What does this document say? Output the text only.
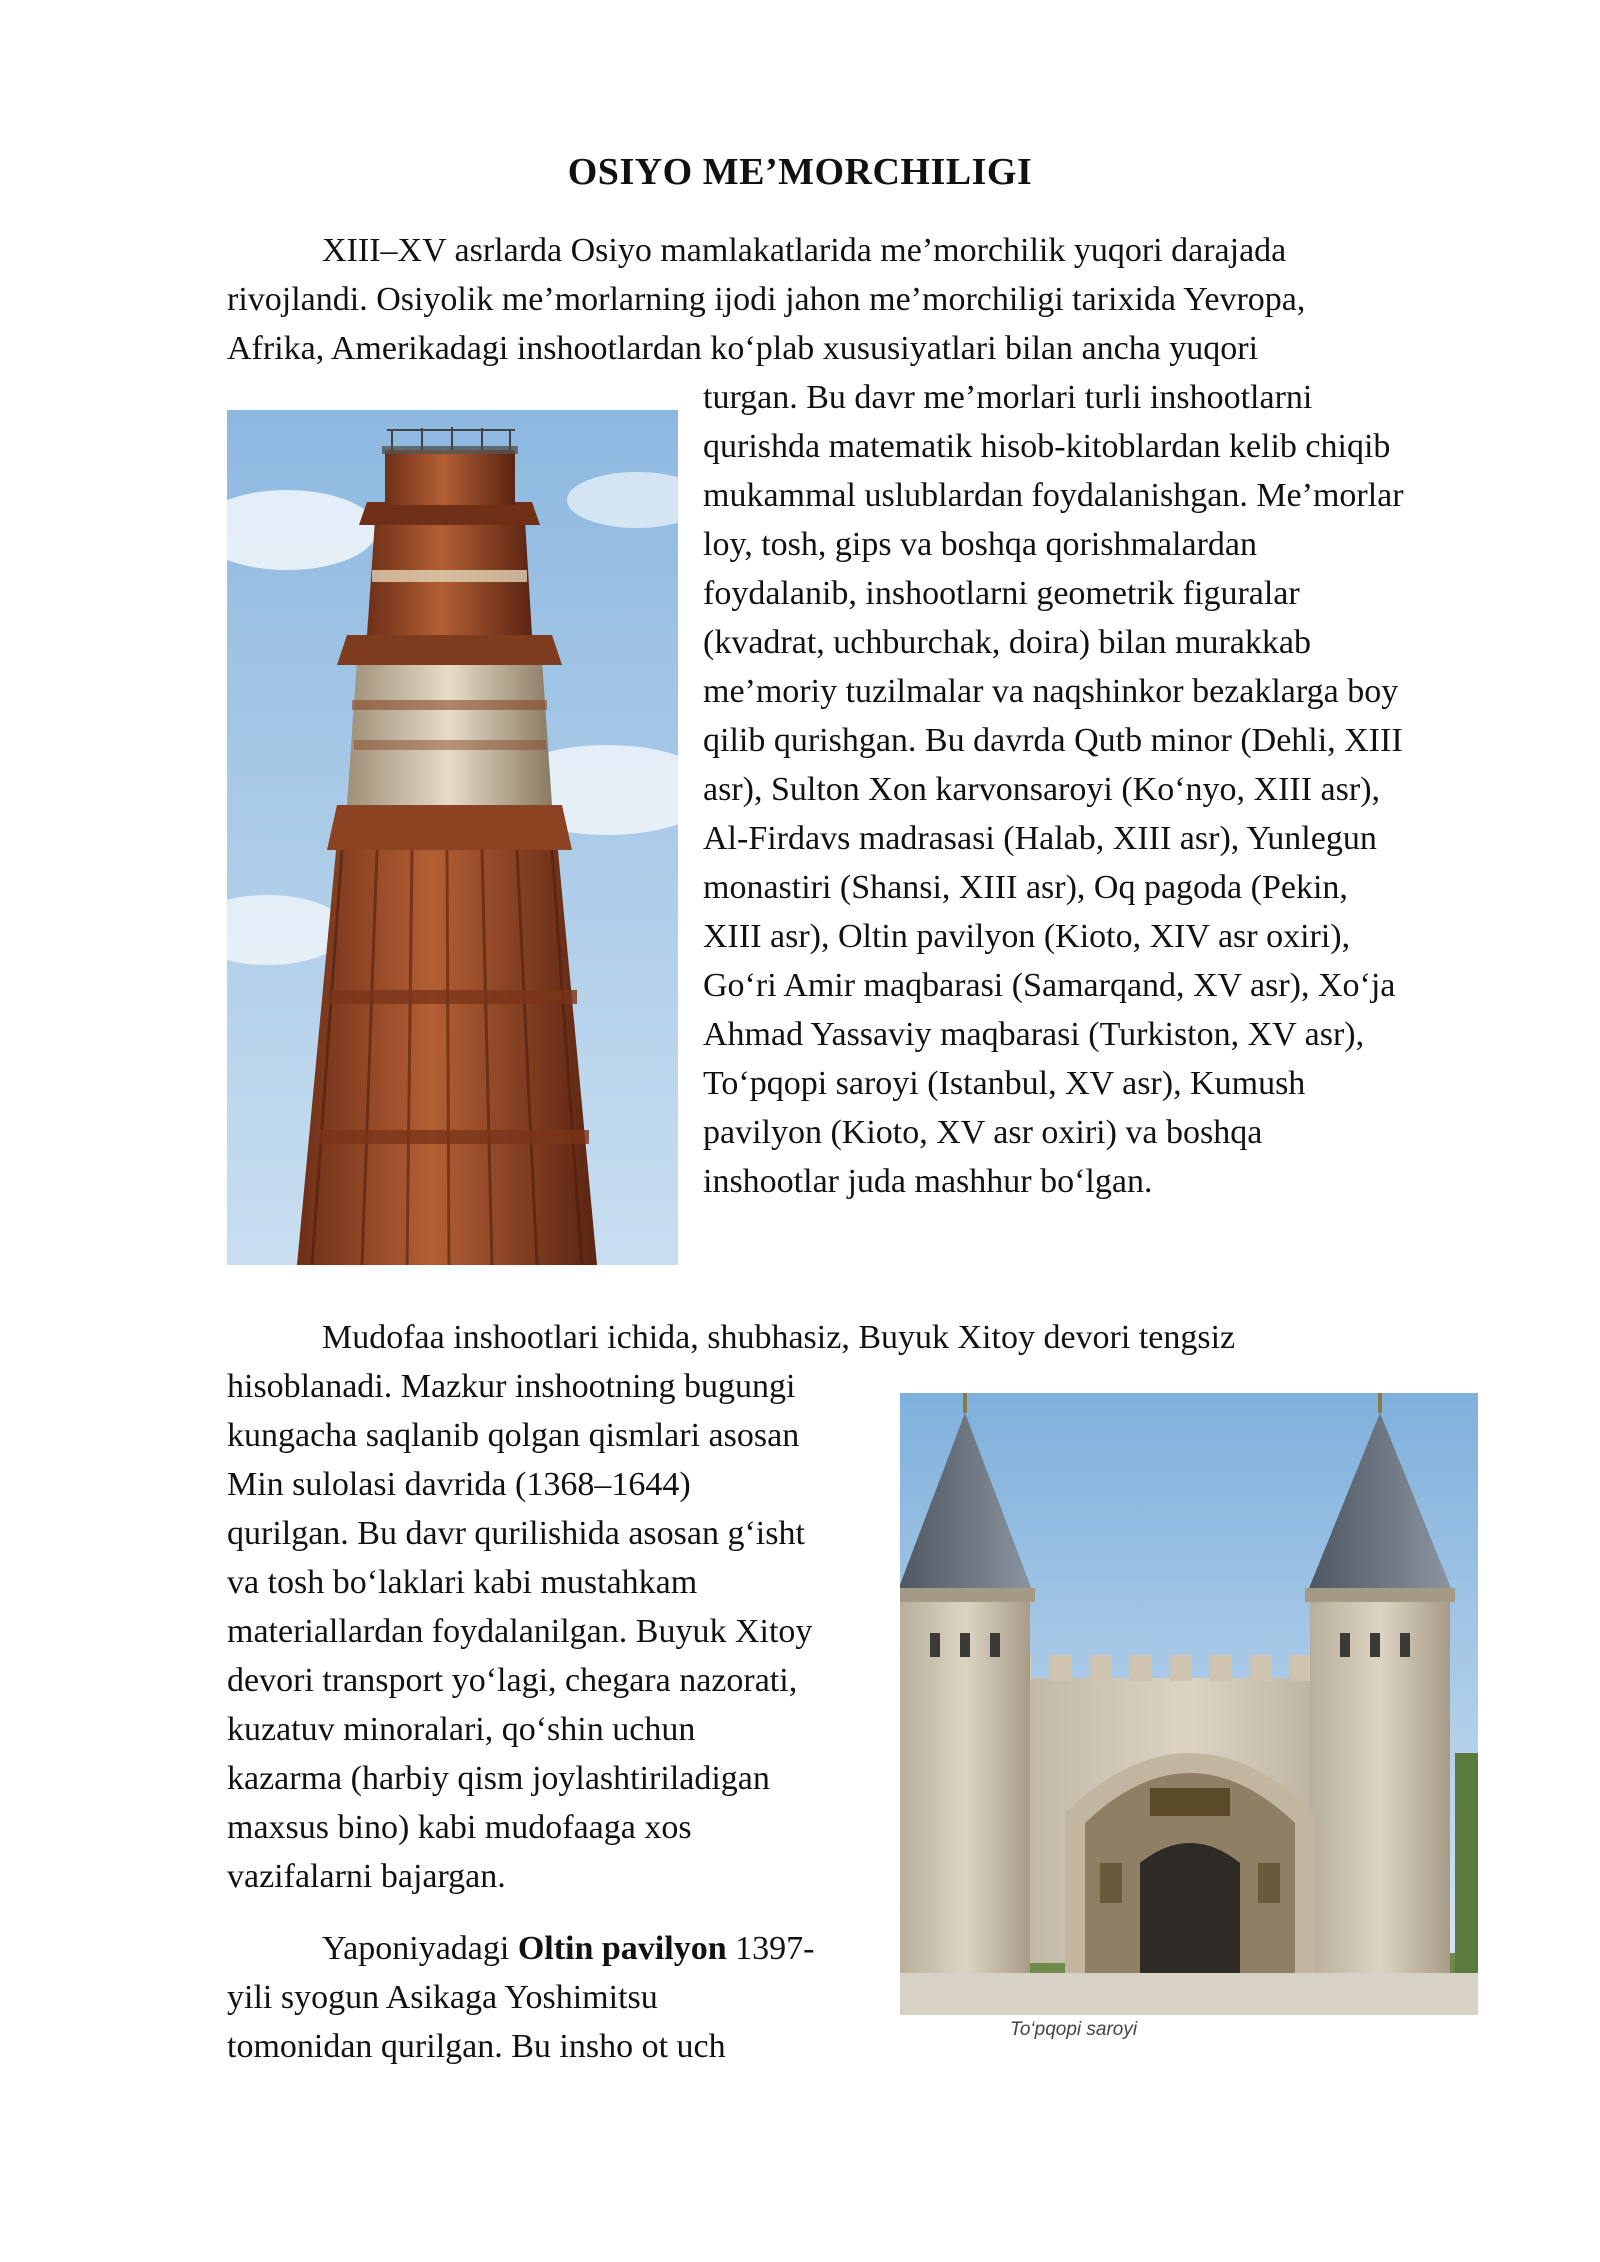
OSIYO ME’MORCHILIGI

XIII–XV asrlarda Osiyo mamlakatlarida me’morchilik yuqori darajada

rivojlandi. Osiyolik me’morlarning ijodi jahon me’morchiligi tarixida Yevropa,

Afrika, Amerikadagi inshootlardan ko‘plab xususiyatlari bilan ancha yuqori

turgan. Bu davr me’morlari turli inshootlarni

qurishda matematik hisob-kitoblardan kelib chiqib

mukammal uslublardan foydalanishgan. Me’morlar

loy, tosh, gips va boshqa qorishmalardan

foydalanib, inshootlarni geometrik figuralar

(kvadrat, uchburchak, doira) bilan murakkab

me’moriy tuzilmalar va naqshinkor bezaklarga boy

qilib qurishgan. Bu davrda Qutb minor (Dehli, XIII

asr), Sulton Xon karvonsaroyi (Ko‘nyo, XIII asr),

Al-Firdavs madrasasi (Halab, XIII asr), Yunlegun

monastiri (Shansi, XIII asr), Oq pagoda (Pekin,

XIII asr), Oltin pavilyon (Kioto, XIV asr oxiri),

Go‘ri Amir maqbarasi (Samarqand, XV asr), Xo‘ja

Ahmad Yassaviy maqbarasi (Turkiston, XV asr),

To‘pqopi saroyi (Istanbul, XV asr), Kumush

pavilyon (Kioto, XV asr oxiri) va boshqa

inshootlar juda mashhur bo‘lgan.

Mudofaa inshootlari ichida, shubhasiz, Buyuk Xitoy devori tengsiz

hisoblanadi. Mazkur inshootning bugungi

kungacha saqlanib qolgan qismlari asosan

Min sulolasi davrida (1368–1644)

qurilgan. Bu davr qurilishida asosan g‘isht

va tosh bo‘laklari kabi mustahkam

materiallardan foydalanilgan. Buyuk Xitoy

devori transport yo‘lagi, chegara nazorati,

kuzatuv minoralari, qo‘shin uchun

kazarma (harbiy qism joylashtiriladigan

maxsus bino) kabi mudofaaga xos

vazifalarni bajargan.

Yaponiyadagi Oltin pavilyon 1397-

yili syogun Asikaga Yoshimitsu

tomonidan qurilgan. Bu insho ot uch	To‘pqopi saroyi
